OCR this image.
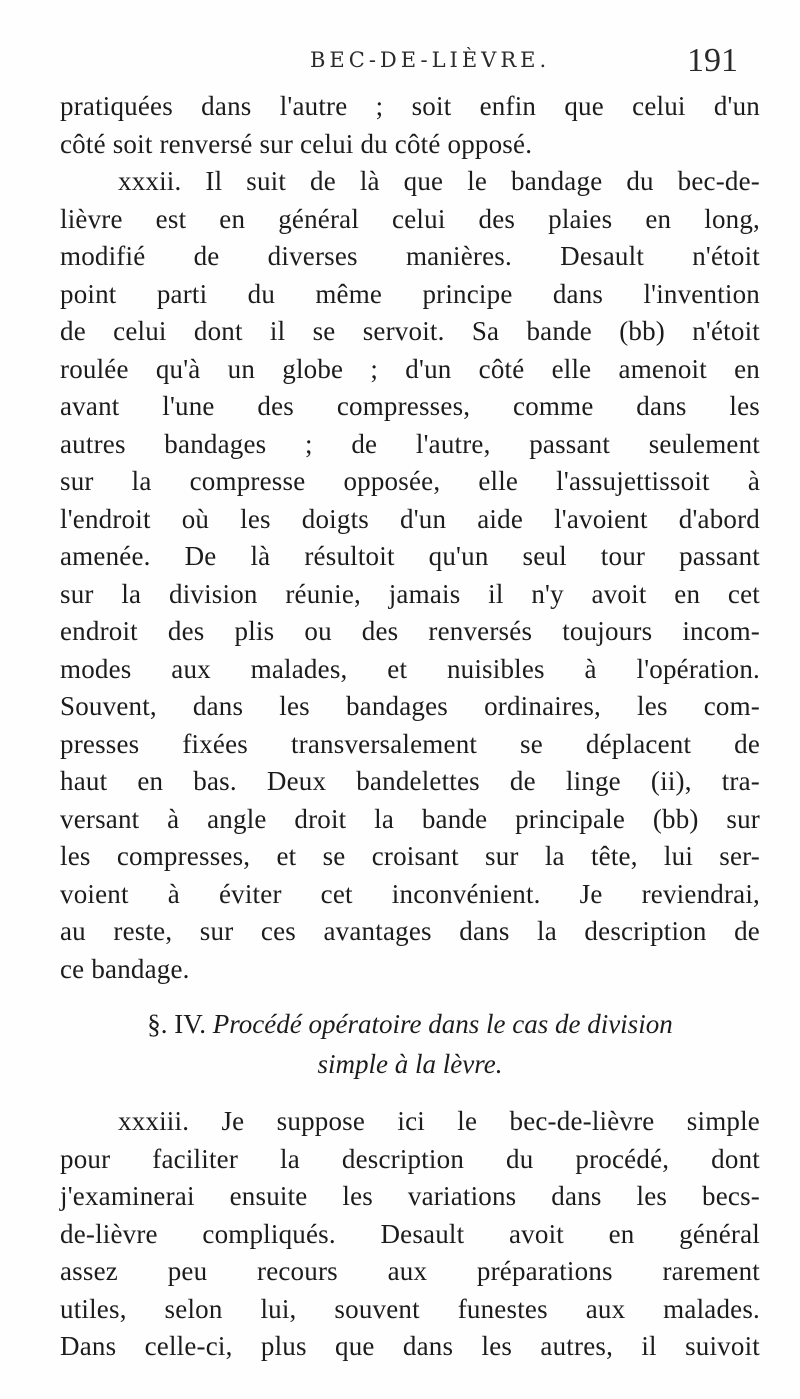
BEC-DE-LIÈVRE.	191
pratiquées dans l'autre ; soit enfin que celui d'un
côté soit renversé sur celui du côté opposé.
xxxii. Il suit de là que le bandage du bec-de-
lièvre est en général celui des plaies en long,
modifié de diverses manières. Desault n'étoit
point parti du même principe dans l'invention
de celui dont il se servoit. Sa bande (bb) n'étoit
roulée qu'à un globe ; d'un côté elle amenoit en
avant l'une des compresses, comme dans les
autres bandages ; de l'autre, passant seulement
sur la compresse opposée, elle l'assujettissoit à
l'endroit où les doigts d'un aide l'avoient d'abord
amenée. De là résultoit qu'un seul tour passant
sur la division réunie, jamais il n'y avoit en cet
endroit des plis ou des renversés toujours incom-
modes aux malades, et nuisibles à l'opération.
Souvent, dans les bandages ordinaires, les com-
presses fixées transversalement se déplacent de
haut en bas. Deux bandelettes de linge (ii), tra-
versant à angle droit la bande principale (bb) sur
les compresses, et se croisant sur la tête, lui ser-
voient à éviter cet inconvénient. Je reviendrai,
au reste, sur ces avantages dans la description de
ce bandage.
§. IV. Procédé opératoire dans le cas de division
simple à la lèvre.
xxxiii. Je suppose ici le bec-de-lièvre simple
pour faciliter la description du procédé, dont
j'examinerai ensuite les variations dans les becs-
de-lièvre compliqués. Desault avoit en général
assez peu recours aux préparations rarement
utiles, selon lui, souvent funestes aux malades.
Dans celle-ci, plus que dans les autres, il suivoit
